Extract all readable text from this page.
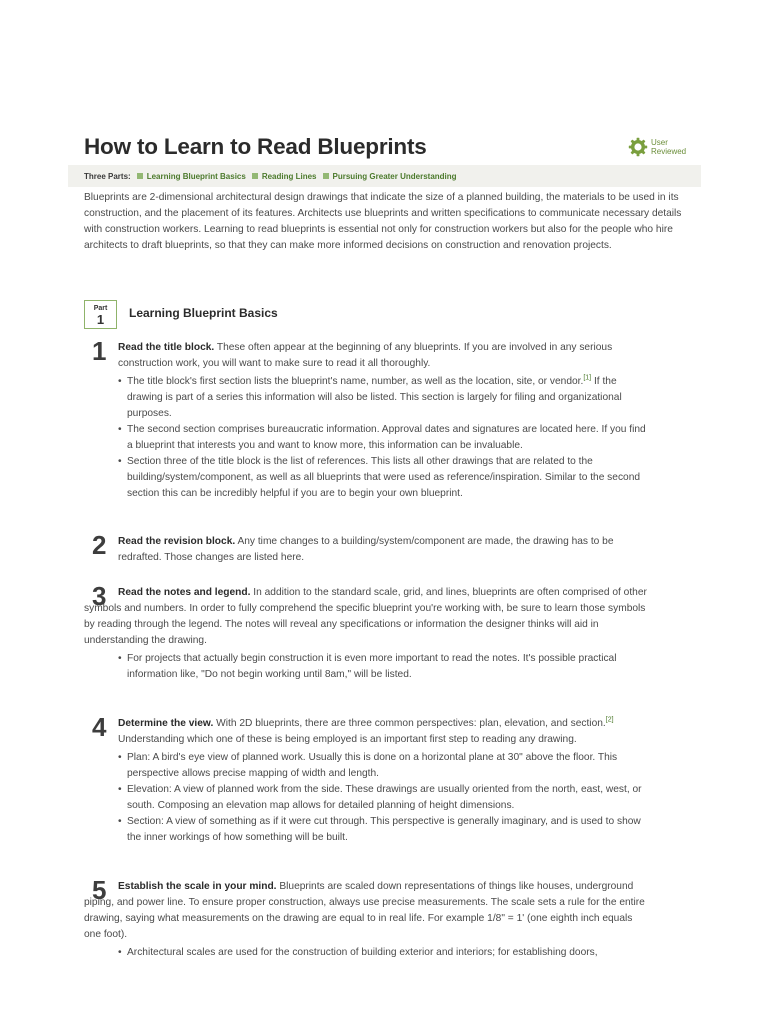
How to Learn to Read Blueprints	User
Reviewed
Three Parts: Learning Blueprint Basics Reading Lines Pursuing Greater Understanding

Blueprints are 2-dimensional architectural design drawings that indicate the size of a planned building, the materials to be used in its construction, and the placement of its features. Architects use blueprints and written specifications to communicate necessary details with construction workers. Learning to read blueprints is essential not only for construction workers but also for the people who hire architects to draft blueprints, so that they can make more informed decisions on construction and renovation projects.

Part
1	Learning Blueprint Basics
1	Read the title block. These often appear at the beginning of any blueprints. If you are involved in any serious construction work, you will want to make sure to read it all thoroughly.

• The title block's first section lists the blueprint's name, number, as well as the location, site, or vendor.[1] If the drawing is part of a series this information will also be listed. This section is largely for filing and organizational purposes.
• The second section comprises bureaucratic information. Approval dates and signatures are located here. If you find a blueprint that interests you and want to know more, this information can be invaluable.
• Section three of the title block is the list of references. This lists all other drawings that are related to the building/system/component, as well as all blueprints that were used as reference/inspiration. Similar to the second section this can be incredibly helpful if you are to begin your own blueprint.
2	Read the revision block. Any time changes to a building/system/component are made, the drawing has to be redrafted. Those changes are listed here.

3	Read the notes and legend. In addition to the standard scale, grid, and lines, blueprints are often comprised of other symbols and numbers. In order to fully comprehend the specific blueprint you're working with, be sure to learn those symbols by reading through the legend. The notes will reveal any specifications or information the designer thinks will aid in understanding the drawing.

• For projects that actually begin construction it is even more important to read the notes. It's possible practical information like, "Do not begin working until 8am," will be listed.
4	Determine the view. With 2D blueprints, there are three common perspectives: plan, elevation, and section.[2] Understanding which one of these is being employed is an important first step to reading any drawing.

• Plan: A bird's eye view of planned work. Usually this is done on a horizontal plane at 30" above the floor. This perspective allows precise mapping of width and length.
• Elevation: A view of planned work from the side. These drawings are usually oriented from the north, east, west, or south. Composing an elevation map allows for detailed planning of height dimensions.
• Section: A view of something as if it were cut through. This perspective is generally imaginary, and is used to show the inner workings of how something will be built.
5	Establish the scale in your mind. Blueprints are scaled down representations of things like houses, underground piping, and power line. To ensure proper construction, always use precise measurements. The scale sets a rule for the entire drawing, saying what measurements on the drawing are equal to in real life. For example 1/8" = 1' (one eighth inch equals one foot).

• Architectural scales are used for the construction of building exterior and interiors; for establishing doors,
